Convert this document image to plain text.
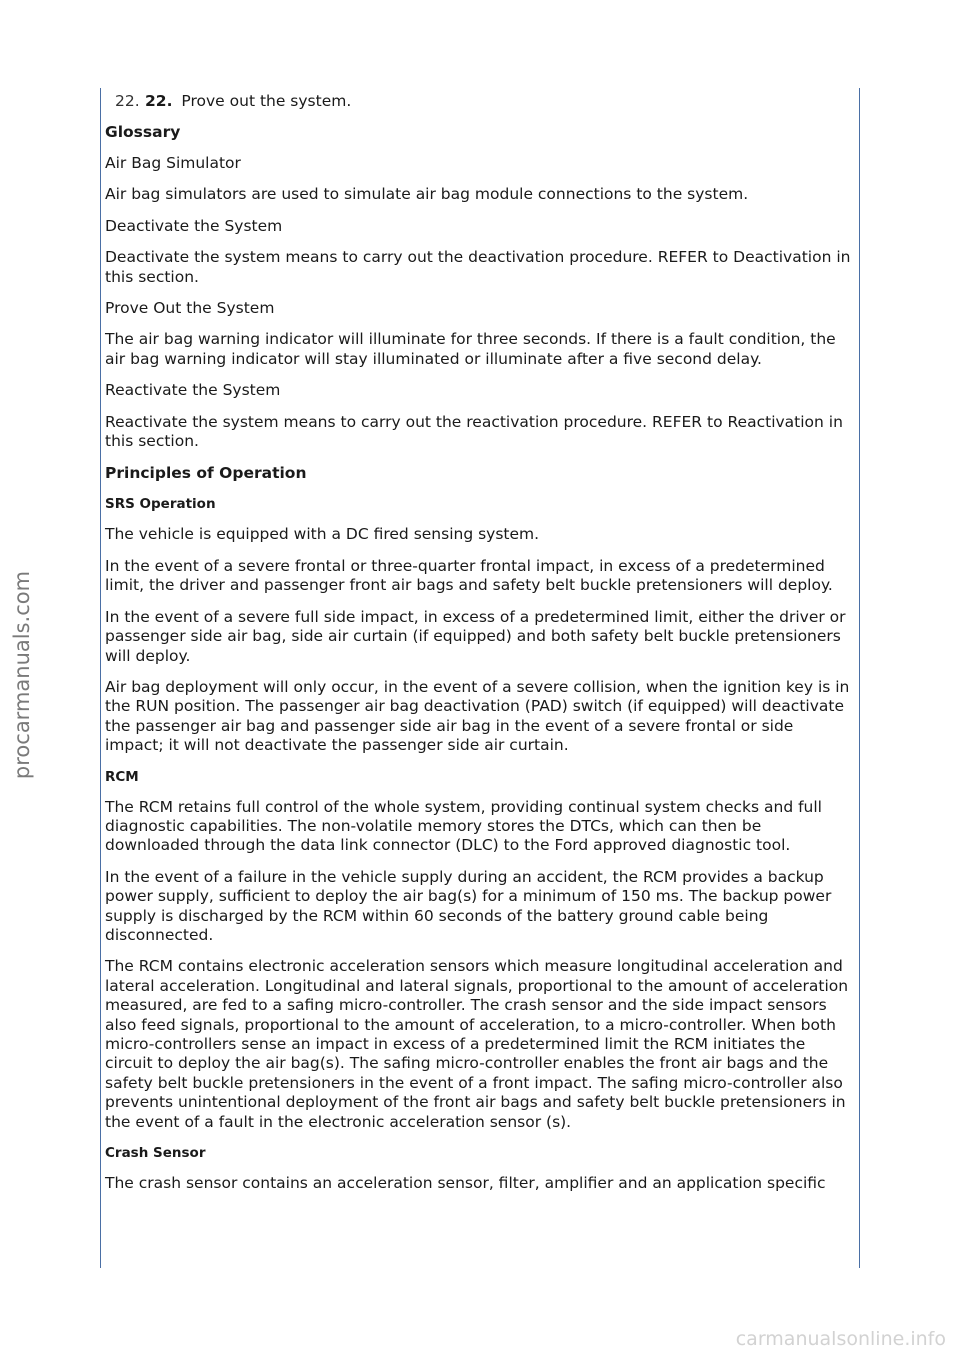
procarmanuals.com
22. 22. Prove out the system.
Glossary

Air Bag Simulator

Air bag simulators are used to simulate air bag module connections to the system.

Deactivate the System

Deactivate the system means to carry out the deactivation procedure. REFER to Deactivation in this section.

Prove Out the System

The air bag warning indicator will illuminate for three seconds. If there is a fault condition, the air bag warning indicator will stay illuminated or illuminate after a five second delay.

Reactivate the System

Reactivate the system means to carry out the reactivation procedure. REFER to Reactivation in this section.

Principles of Operation
SRS Operation

The vehicle is equipped with a DC fired sensing system.

In the event of a severe frontal or three-quarter frontal impact, in excess of a predetermined limit, the driver and passenger front air bags and safety belt buckle pretensioners will deploy.

In the event of a severe full side impact, in excess of a predetermined limit, either the driver or passenger side air bag, side air curtain (if equipped) and both safety belt buckle pretensioners will deploy.

Air bag deployment will only occur, in the event of a severe collision, when the ignition key is in the RUN position. The passenger air bag deactivation (PAD) switch (if equipped) will deactivate the passenger air bag and passenger side air bag in the event of a severe frontal or side impact; it will not deactivate the passenger side air curtain.

RCM

The RCM retains full control of the whole system, providing continual system checks and full diagnostic capabilities. The non-volatile memory stores the DTCs, which can then be downloaded through the data link connector (DLC) to the Ford approved diagnostic tool.

In the event of a failure in the vehicle supply during an accident, the RCM provides a backup power supply, sufficient to deploy the air bag(s) for a minimum of 150 ms. The backup power supply is discharged by the RCM within 60 seconds of the battery ground cable being disconnected.

The RCM contains electronic acceleration sensors which measure longitudinal acceleration and lateral acceleration. Longitudinal and lateral signals, proportional to the amount of acceleration measured, are fed to a safing micro-controller. The crash sensor and the side impact sensors also feed signals, proportional to the amount of acceleration, to a micro-controller. When both micro-controllers sense an impact in excess of a predetermined limit the RCM initiates the circuit to deploy the air bag(s). The safing micro-controller enables the front air bags and the safety belt buckle pretensioners in the event of a front impact. The safing micro-controller also prevents unintentional deployment of the front air bags and safety belt buckle pretensioners in the event of a fault in the electronic acceleration sensor (s).

Crash Sensor

The crash sensor contains an acceleration sensor, filter, amplifier and an application specific

carmanualsonline.info
